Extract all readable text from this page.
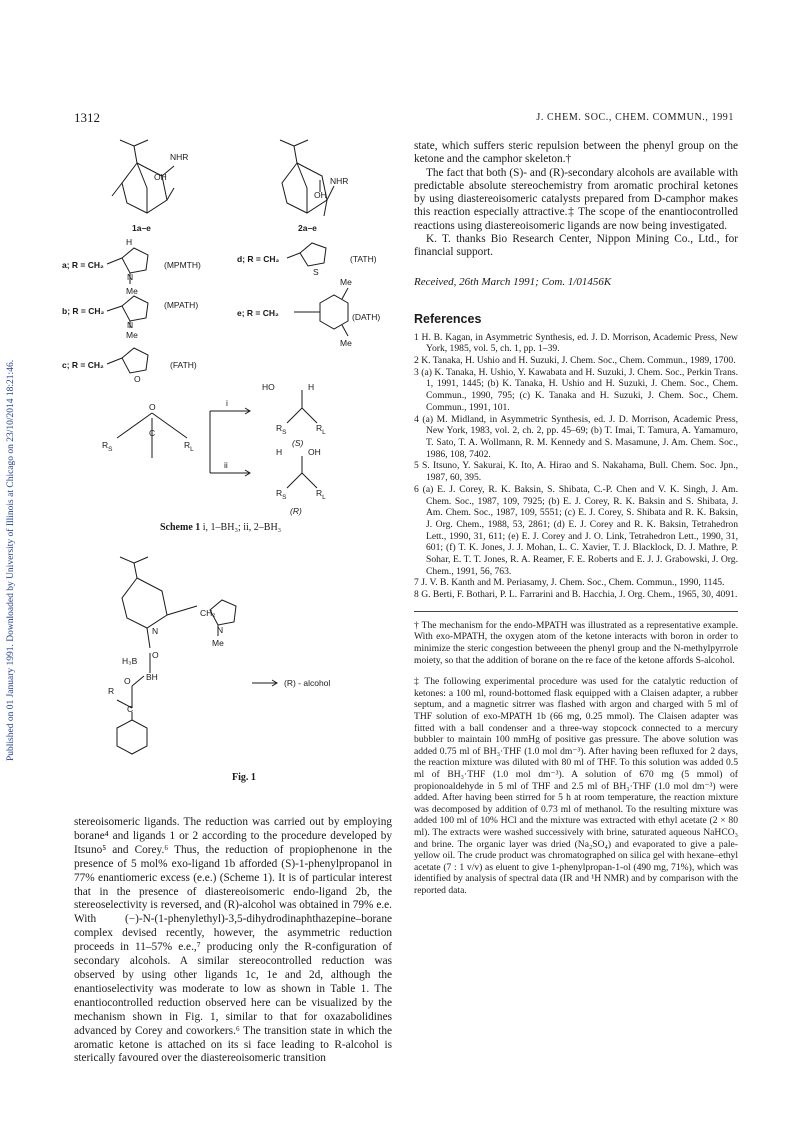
Published on 01 January 1991. Downloaded by University of Illinois at Chicago on 23/10/2014 18:21:46.
1312	J. CHEM. SOC., CHEM. COMMUN., 1991
NHR
OH
1a–e
NHR
OH
2a–e
a; R = CH₂
H
N
Me
(MPMTH)
d; R = CH₂
S
(TATH)
b; R = CH₂
N
Me
(MPATH)
e; R = CH₂
Me
Me
(DATH)
c; R = CH₂
O
(FATH)
O
C
$R_S$	$R_L$
i
ii
HO	H
$R_S$	$R_L$
(S)
H	OH
$R_S$	$R_L$
(R)
Scheme 1 i, 1–BH₃; ii, 2–BH₃
CH₂
N	N
Me
H₃B
O
BH
R
O
C
(R) - alcohol
Fig. 1

stereoisomeric ligands. The reduction was carried out by employing borane⁴ and ligands 1 or 2 according to the procedure developed by Itsuno⁵ and Corey.⁶ Thus, the reduction of propiophenone in the presence of 5 mol% exo-ligand 1b afforded (S)-1-phenylpropanol in 77% enantiomeric excess (e.e.) (Scheme 1). It is of particular interest that in the presence of diastereoisomeric endo-ligand 2b, the stereoselectivity is reversed, and (R)-alcohol was obtained in 79% e.e. With (−)-N-(1-phenylethyl)-3,5-dihydrodinaphthazepine–borane complex devised recently, however, the asymmetric reduction proceeds in 11–57% e.e.,⁷ producing only the R-configuration of secondary alcohols. A similar stereocontrolled reduction was observed by using other ligands 1c, 1e and 2d, although the enantioselectivity was moderate to low as shown in Table 1. The enantiocontrolled reduction observed here can be visualized by the mechanism shown in Fig. 1, similar to that for oxazabolidines advanced by Corey and coworkers.⁶ The transition state in which the aromatic ketone is attached on its si face leading to R-alcohol is sterically favoured over the diastereoisomeric transition

state, which suffers steric repulsion between the phenyl group on the ketone and the camphor skeleton.†

The fact that both (S)- and (R)-secondary alcohols are available with predictable absolute stereochemistry from aromatic prochiral ketones by using diastereoisomeric catalysts prepared from D-camphor makes this reaction especially attractive.‡ The scope of the enantiocontrolled reactions using diastereoisomeric ligands are now being investigated.

K. T. thanks Bio Research Center, Nippon Mining Co., Ltd., for financial support.

Received, 26th March 1991; Com. 1/01456K

References
1 H. B. Kagan, in Asymmetric Synthesis, ed. J. D. Morrison, Academic Press, New York, 1985, vol. 5, ch. 1, pp. 1–39.
2 K. Tanaka, H. Ushio and H. Suzuki, J. Chem. Soc., Chem. Commun., 1989, 1700.
3 (a) K. Tanaka, H. Ushio, Y. Kawabata and H. Suzuki, J. Chem. Soc., Perkin Trans. 1, 1991, 1445; (b) K. Tanaka, H. Ushio and H. Suzuki, J. Chem. Soc., Chem. Commun., 1990, 795; (c) K. Tanaka and H. Suzuki, J. Chem. Soc., Chem. Commun., 1991, 101.
4 (a) M. Midland, in Asymmetric Synthesis, ed. J. D. Morrison, Academic Press, New York, 1983, vol. 2, ch. 2, pp. 45–69; (b) T. Imai, T. Tamura, A. Yamamuro, T. Sato, T. A. Wollmann, R. M. Kennedy and S. Masamune, J. Am. Chem. Soc., 1986, 108, 7402.
5 S. Itsuno, Y. Sakurai, K. Ito, A. Hirao and S. Nakahama, Bull. Chem. Soc. Jpn., 1987, 60, 395.
6 (a) E. J. Corey, R. K. Baksin, S. Shibata, C.-P. Chen and V. K. Singh, J. Am. Chem. Soc., 1987, 109, 7925; (b) E. J. Corey, R. K. Baksin and S. Shibata, J. Am. Chem. Soc., 1987, 109, 5551; (c) E. J. Corey, S. Shibata and R. K. Baksin, J. Org. Chem., 1988, 53, 2861; (d) E. J. Corey and R. K. Baksin, Tetrahedron Lett., 1990, 31, 611; (e) E. J. Corey and J. O. Link, Tetrahedron Lett., 1990, 31, 601; (f) T. K. Jones, J. J. Mohan, L. C. Xavier, T. J. Blacklock, D. J. Mathre, P. Sohar, E. T. T. Jones, R. A. Reamer, F. E. Roberts and E. J. J. Grabowski, J. Org. Chem., 1991, 56, 763.
7 J. V. B. Kanth and M. Periasamy, J. Chem. Soc., Chem. Commun., 1990, 1145.
8 G. Berti, F. Bothari, P. L. Farrarini and B. Hacchia, J. Org. Chem., 1965, 30, 4091.

† The mechanism for the endo-MPATH was illustrated as a representative example. With exo-MPATH, the oxygen atom of the ketone interacts with boron in order to minimize the steric congestion betweeen the phenyl group and the N-methylpyrrole moiety, so that the addition of borane on the re face of the ketone affords S-alcohol.

‡ The following experimental procedure was used for the catalytic reduction of ketones: a 100 ml, round-bottomed flask equipped with a Claisen adapter, a rubber septum, and a magnetic sitrrer was flashed with argon and charged with 5 ml of THF solution of exo-MPATH 1b (66 mg, 0.25 mmol). The Claisen adapter was fitted with a ball condenser and a three-way stopcock connected to a mercury bubbler to maintain 100 mmHg of positive gas pressure. The above solution was added 0.75 ml of BH₃·THF (1.0 mol dm⁻³). After having been refluxed for 2 days, the reaction mixture was diluted with 80 ml of THF. To this solution was added 0.5 ml of BH₃·THF (1.0 mol dm⁻³). A solution of 670 mg (5 mmol) of propionoaldehyde in 5 ml of THF and 2.5 ml of BH₃·THF (1.0 mol dm⁻³) were added. After having been stirred for 5 h at room temperature, the reaction mixture was decomposed by addition of 0.73 ml of methanol. To the resulting mixture was added 100 ml of 10% HCl and the mixture was extracted with ethyl acetate (2 × 80 ml). The extracts were washed successively with brine, saturated aqueous NaHCO₃ and brine. The organic layer was dried (Na₂SO₄) and evaporated to give a pale-yellow oil. The crude product was chromatographed on silica gel with hexane–ethyl acetate (7 : 1 v/v) as eluent to give 1-phenylpropan-1-ol (490 mg, 71%), which was identified by analysis of spectral data (IR and ¹H NMR) and by comparison with the reported data.
